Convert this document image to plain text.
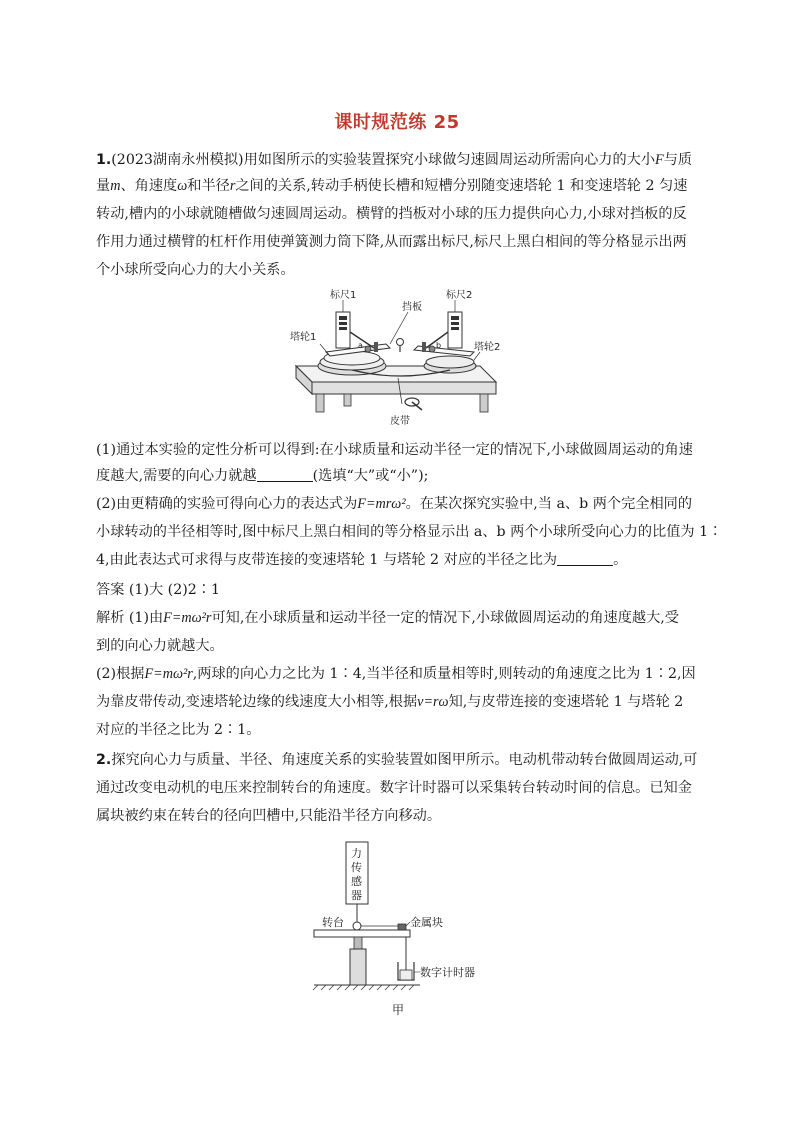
课时规范练 25
1.(2023湖南永州模拟)用如图所示的实验装置探究小球做匀速圆周运动所需向心力的大小F与质
量m、角速度ω和半径r之间的关系,转动手柄使长槽和短槽分别随变速塔轮 1 和变速塔轮 2 匀速
转动,槽内的小球就随槽做匀速圆周运动。横臂的挡板对小球的压力提供向心力,小球对挡板的反
作用力通过横臂的杠杆作用使弹簧测力筒下降,从而露出标尺,标尺上黑白相间的等分格显示出两
个小球所受向心力的大小关系。
标尺1	标尺2
挡板
塔轮1
塔轮2
皮带
a	b
(1)通过本实验的定性分析可以得到:在小球质量和运动半径一定的情况下,小球做圆周运动的角速
度越大,需要的向心力就越	(选填“大”或“小”);
(2)由更精确的实验可得向心力的表达式为F=mrω²。在某次探究实验中,当 a、b 两个完全相同的
小球转动的半径相等时,图中标尺上黑白相间的等分格显示出 a、b 两个小球所受向心力的比值为 1∶
4,由此表达式可求得与皮带连接的变速塔轮 1 与塔轮 2 对应的半径之比为	。
答案 (1)大 (2)2∶1
解析 (1)由F=mω²r可知,在小球质量和运动半径一定的情况下,小球做圆周运动的角速度越大,受
到的向心力就越大。
(2)根据F=mω²r,两球的向心力之比为 1∶4,当半径和质量相等时,则转动的角速度之比为 1∶2,因
为靠皮带传动,变速塔轮边缘的线速度大小相等,根据v=rω知,与皮带连接的变速塔轮 1 与塔轮 2
对应的半径之比为 2∶1。
2.探究向心力与质量、半径、角速度关系的实验装置如图甲所示。电动机带动转台做圆周运动,可
通过改变电动机的电压来控制转台的角速度。数字计时器可以采集转台转动时间的信息。已知金
属块被约束在转台的径向凹槽中,只能沿半径方向移动。
力
传
感
器
转台	金属块
数字计时器
甲
